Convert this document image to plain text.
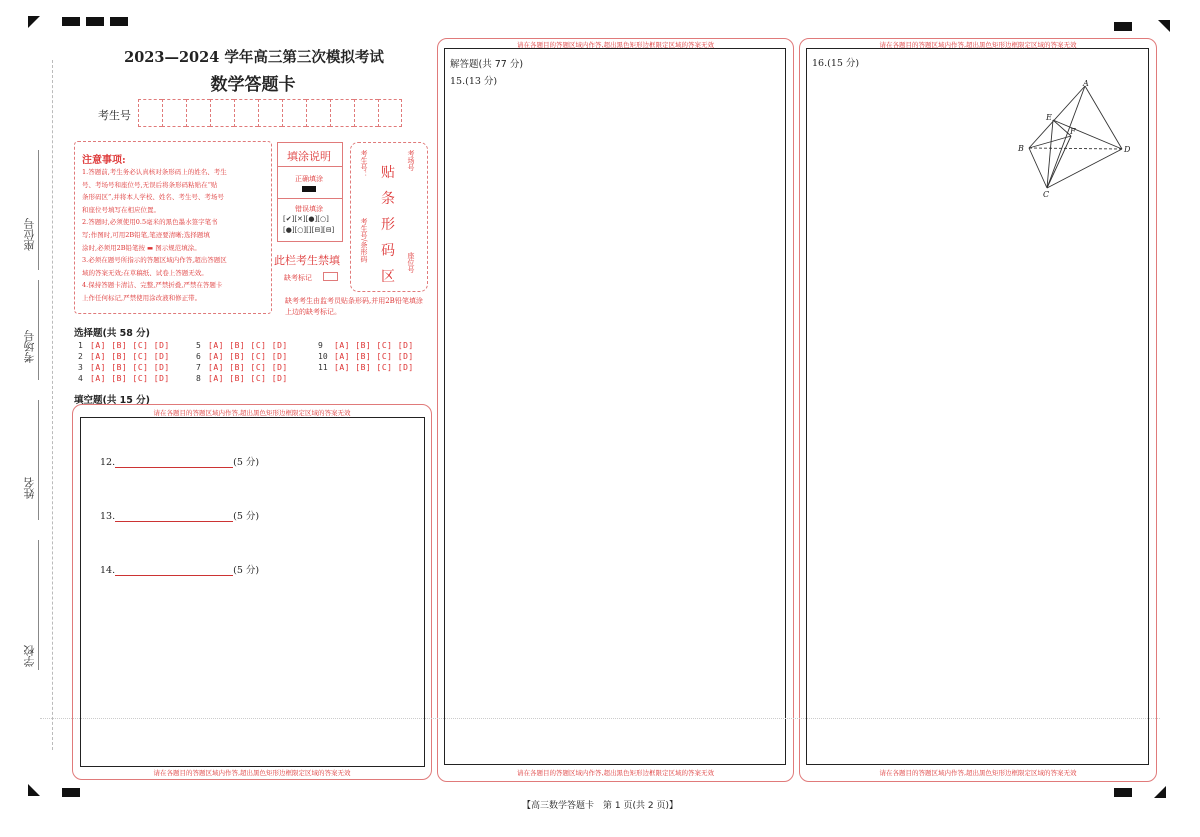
座位号
考场号
姓名
学校
2023—2024 学年高三第三次模拟考试
数学答题卡
考生号
注意事项:
1.答题前,考生务必认真核对条形码上的姓名、考生
号、考场号和座位号,无误后将条形码粘贴在“贴
条形码区”,并将本人学校、姓名、考生号、考场号
和座位号填写在相应位置。
2.答题时,必须使用0.5毫米的黑色墨水签字笔书
写;作图时,可用2B铅笔,笔迹要清晰;选择题填
涂时,必须用2B铅笔按 ▬ 图示规范填涂。
3.必须在题号所指示的答题区域内作答,超出答题区
域的答案无效;在草稿纸、试卷上答题无效。
4.保持答题卡清洁、完整,严禁折叠,严禁在答题卡
上作任何标记,严禁使用涂改液和修正带。
填涂说明
正确填涂
错误填涂
[✔][✕][●][○]
[●][○][][⊟][⊟]
此栏考生禁填
缺考标记
贴
条
形
码
区
考生号：
考生号/条形码
考场号
座位号
缺考考生由监考员贴条形码,并用2B铅笔填涂上边的缺考标记。
选择题(共 58 分)
1 [A] [B] [C] [D]
2 [A] [B] [C] [D]
3 [A] [B] [C] [D]
4 [A] [B] [C] [D]
5 [A] [B] [C] [D]
6 [A] [B] [C] [D]
7 [A] [B] [C] [D]
8 [A] [B] [C] [D]
9 [A] [B] [C] [D]
10 [A] [B] [C] [D]
11 [A] [B] [C] [D]
填空题(共 15 分)
请在各题目的答题区域内作答,超出黑色矩形边框限定区域的答案无效
请在各题目的答题区域内作答,超出黑色矩形边框限定区域的答案无效
12.	(5 分)
13.	(5 分)
14.	(5 分)
请在各题目的答题区域内作答,超出黑色矩形边框限定区域的答案无效
解答题(共 77 分)
15.(13 分)
请在各题目的答题区域内作答,超出黑色矩形边框限定区域的答案无效
请在各题目的答题区域内作答,超出黑色矩形边框限定区域的答案无效
16.(15 分)
请在各题目的答题区域内作答,超出黑色矩形边框限定区域的答案无效
A
B
C
D
E
F
【高三数学答题卡　第 1 页(共 2 页)】
